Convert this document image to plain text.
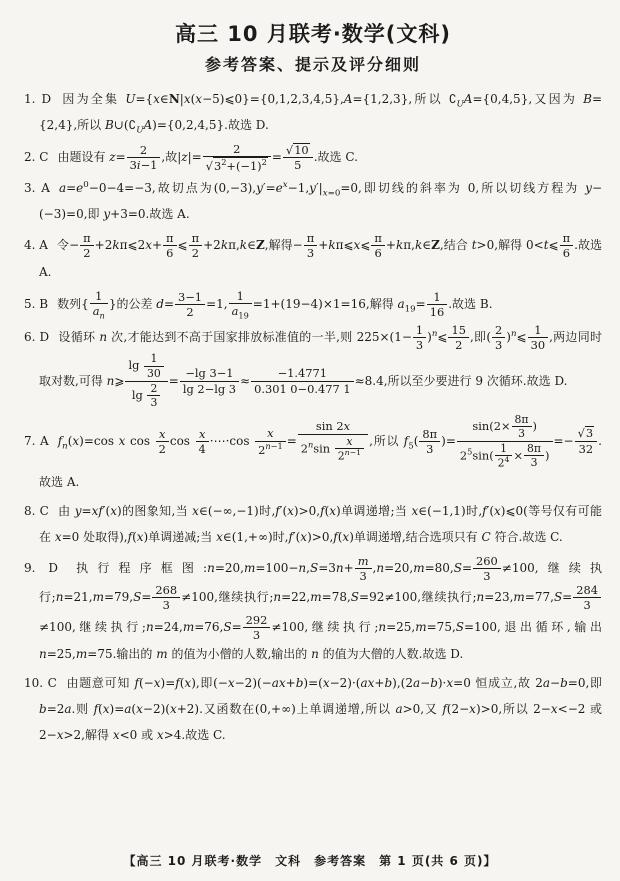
高三 10 月联考·数学(文科)
参考答案、提示及评分细则
1. D 因为全集 U={x∈N|x(x−5)⩽0}={0,1,2,3,4,5},A={1,2,3},所以 $∁_UA=\{0,4,5\}$,又因为 B={2,4},所以 $B\cup(∁_UA)=\{0,2,4,5\}$.故选 D.
2. C 由题设有 $z= \frac{2}{3i-1}$ ,故$|z|= \frac{2}{√3^2+(-1)^2} = \frac{√10}{5}$ .故选 C.
3. A $a=e^0-0-4=-3$,故切点为$(0,-3),y'=e^x-1,y'|_{x=0}=0$,即切线的斜率为 0,所以切线方程为 y−(−3)=0,即 y+3=0.故选 A.
4. A 令− $\frac{\pi}{2}$ +2kπ⩽2x+ $\frac{\pi}{6}$ ⩽ $\frac{\pi}{2}$ +2kπ,k∈Z,解得− $\frac{\pi}{3}$ +kπ⩽x⩽ $\frac{\pi}{6}$ +kπ,k∈Z,结合 t>0,解得 0<t⩽ $\frac{\pi}{6}$ .故选 A.
5. B 数列{ $\frac{1}{a_n}$ }的公差 $d= \frac{3-1}{2} =1$, $\frac{1}{a_{19}} =1+(19-4)\times 1=16$,解得 $a_{19}= \frac{1}{16}$ .故选 B.
6. D 设循环 n 次,才能达到不高于国家排放标准值的一半,则 $225\times(1- \frac{1}{3}$ )$^n⩽ \frac{15}{2}$ ,即( $\frac{2}{3}$ )$^n$⩽ $\frac{1}{30}$ ,两边同时取对数,可得 n⩾ $\frac{\lg \frac{1}{30}}{\lg \frac{2}{3}} = \frac{-\lg 3-1}{\lg 2-\lg 3} \approx \frac{-1.4771}{0.301 0-0.477 1} \approx 8.4$,所以至少要进行 9 次循环.故选 D.
7. A $f_n(x)=\cos$ x $\cos \frac{x}{2}$ $\cos \frac{x}{4}$ ·⋯·cos $\frac{x}{2^{n-1}} = \frac{\sin 2x}{2^n\sin \frac{x}{2^{n-1}}}$ ,所以 $f_5( \frac{8\pi}{3}$ )= $\frac{\sin(2\times \frac{8\pi}{3} )}{2^5\sin( \frac{1}{2^4} \times \frac{8\pi}{3} )} =- \frac{√3}{32}$ .故选 A.
8. C 由 y=xf′(x)的图象知,当 x∈(−∞,−1)时,f′(x)>0,f(x)单调递增;当 x∈(−1,1)时,f′(x)⩽0(等号仅有可能在 x=0 处取得),f(x)单调递减;当 x∈(1,+∞)时,f′(x)>0,f(x)单调递增,结合选项只有 C 符合.故选 C.
9. D 执行程序框图:n=20,m=100−n,S=3n+ $\frac{m}{3} ,n=20,m=80,S= \frac{260}{3} \ne 100$,继续执行;n=21,m=79,S= $\frac{268}{3} \ne 100$,继续执行;n=22,m=78,S=92≠100,继续执行;n=23,m=77,S= $\frac{284}{3}$
≠100,继续执行;n=24,m=76,S= $\frac{292}{3} \ne 100$,继续执行;n=25,m=75,S=100,退出循环,输出 n=25,m=75.输出的 m 的值为小僧的人数,输出的 n 的值为大僧的人数.故选 D.
10. C 由题意可知 f(−x)=f(x),即(−x−2)(−ax+b)=(x−2)·(ax+b),(2a−b)·x=0 恒成立,故 2a−b=0,即 b=2a.则 f(x)=a(x−2)(x+2).又函数在(0,+∞)上单调递增,所以 a>0,又 f(2−x)>0,所以 2−x<−2 或 2−x>2,解得 x<0 或 x>4.故选 C.
【高三 10 月联考·数学　文科　参考答案　第 1 页(共 6 页)】
